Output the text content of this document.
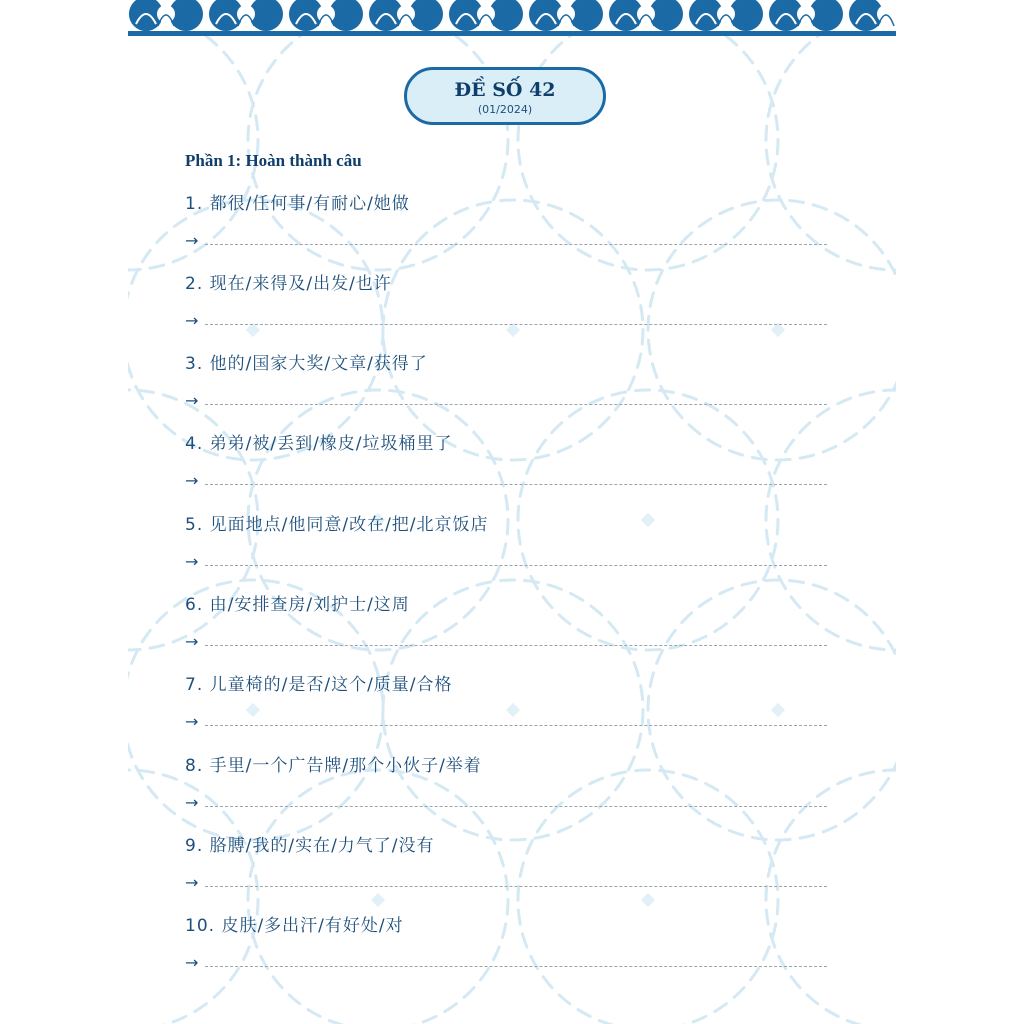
ĐỀ SỐ 42
(01/2024)
Phần 1: Hoàn thành câu
1. 都很/任何事/有耐心/她做
→
2. 现在/来得及/出发/也许
→
3. 他的/国家大奖/文章/获得了
→
4. 弟弟/被/丢到/橡皮/垃圾桶里了
→
5. 见面地点/他同意/改在/把/北京饭店
→
6. 由/安排查房/刘护士/这周
→
7. 儿童椅的/是否/这个/质量/合格
→
8. 手里/一个广告牌/那个小伙子/举着
→
9. 胳膊/我的/实在/力气了/没有
→
10. 皮肤/多出汗/有好处/对
→
